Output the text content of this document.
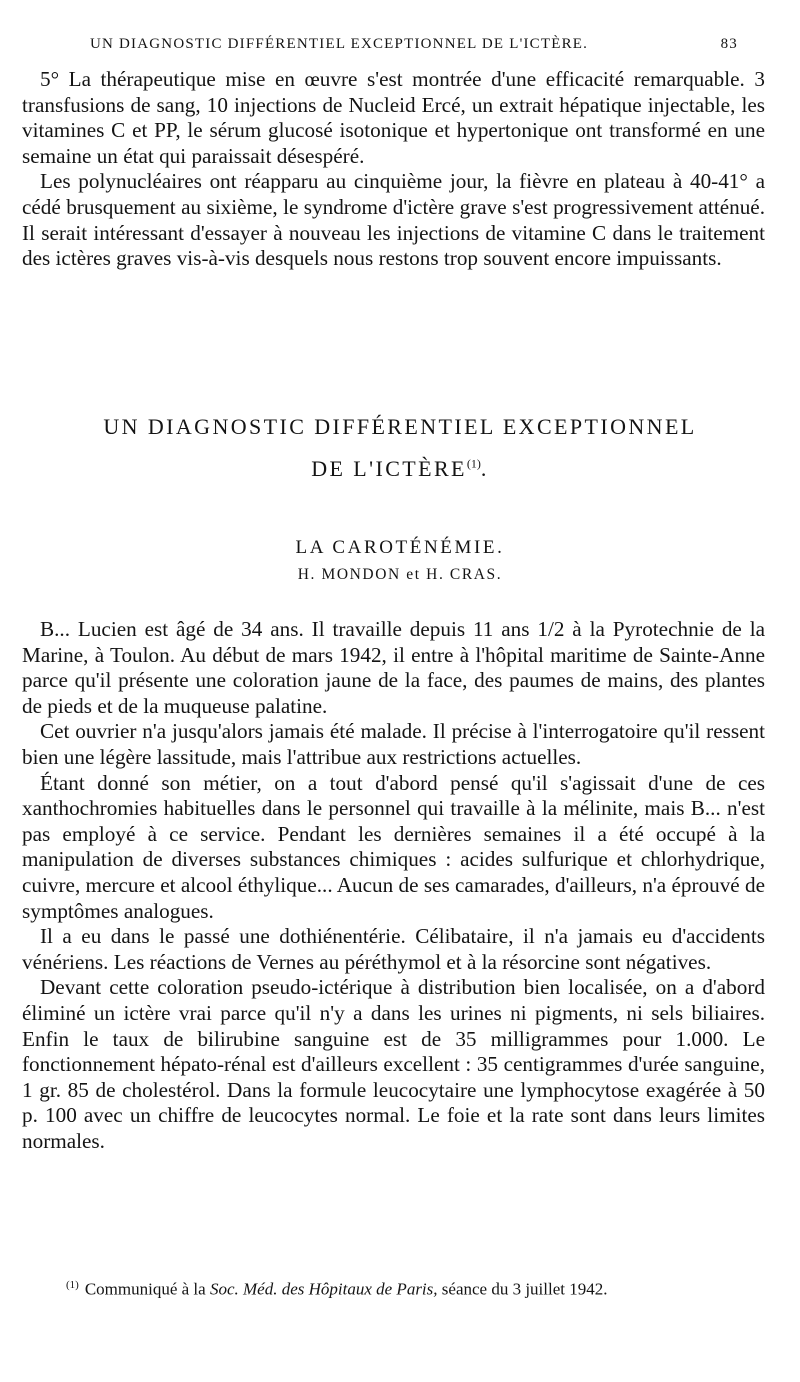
UN DIAGNOSTIC DIFFÉRENTIEL EXCEPTIONNEL DE L'ICTÈRE.	83

5° La thérapeutique mise en œuvre s'est montrée d'une efficacité remarquable. 3 transfusions de sang, 10 injections de Nucleid Ercé, un extrait hépatique injectable, les vitamines C et PP, le sérum glucosé isotonique et hypertonique ont transformé en une semaine un état qui paraissait désespéré.

Les polynucléaires ont réapparu au cinquième jour, la fièvre en plateau à 40-41° a cédé brusquement au sixième, le syndrome d'ictère grave s'est progressivement atténué. Il serait intéressant d'essayer à nouveau les injections de vitamine C dans le traitement des ictères graves vis-à-vis desquels nous restons trop souvent encore impuissants.

UN DIAGNOSTIC DIFFÉRENTIEL EXCEPTIONNEL
DE L'ICTÈRE$^{(1)}$.
LA CAROTÉNÉMIE.
H. MONDON et H. CRAS.

B... Lucien est âgé de 34 ans. Il travaille depuis 11 ans 1/2 à la Pyrotechnie de la Marine, à Toulon. Au début de mars 1942, il entre à l'hôpital maritime de Sainte-Anne parce qu'il présente une coloration jaune de la face, des paumes de mains, des plantes de pieds et de la muqueuse palatine.

Cet ouvrier n'a jusqu'alors jamais été malade. Il précise à l'interrogatoire qu'il ressent bien une légère lassitude, mais l'attribue aux restrictions actuelles.

Étant donné son métier, on a tout d'abord pensé qu'il s'agissait d'une de ces xanthochromies habituelles dans le personnel qui travaille à la mélinite, mais B... n'est pas employé à ce service. Pendant les dernières semaines il a été occupé à la manipulation de diverses substances chimiques : acides sulfurique et chlorhydrique, cuivre, mercure et alcool éthylique... Aucun de ses camarades, d'ailleurs, n'a éprouvé de symptômes analogues.

Il a eu dans le passé une dothiénentérie. Célibataire, il n'a jamais eu d'accidents vénériens. Les réactions de Vernes au péréthymol et à la résorcine sont négatives.

Devant cette coloration pseudo-ictérique à distribution bien localisée, on a d'abord éliminé un ictère vrai parce qu'il n'y a dans les urines ni pigments, ni sels biliaires. Enfin le taux de bilirubine sanguine est de 35 milligrammes pour 1.000. Le fonctionnement hépato-rénal est d'ailleurs excellent : 35 centigrammes d'urée sanguine, 1 gr. 85 de cholestérol. Dans la formule leucocytaire une lymphocytose exagérée à 50 p. 100 avec un chiffre de leucocytes normal. Le foie et la rate sont dans leurs limites normales.

$^{(1)}$ Communiqué à la Soc. Méd. des Hôpitaux de Paris, séance du 3 juillet 1942.
